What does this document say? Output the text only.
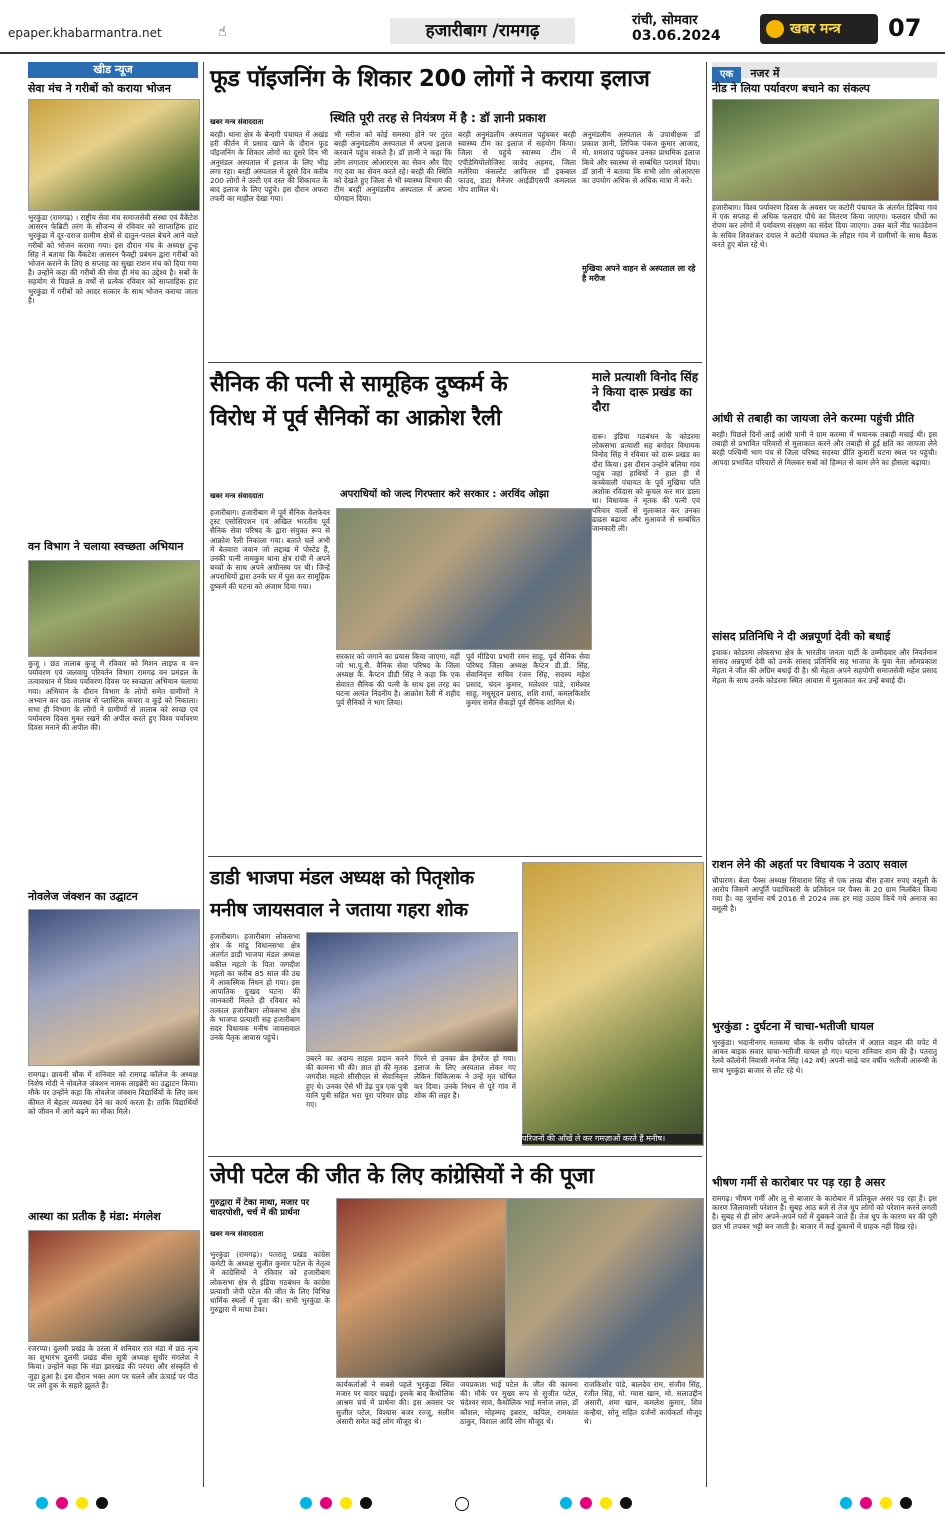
epaper.khabarmantra.net	☝	हजारीबाग /रामगढ़
रांची, सोमवार
03.06.2024	खबर मन्त्र	07
खीड न्यूज
सेवा मंच ने गरीबों को कराया भोजन
भुरकुंडा (रामगढ़) । राष्ट्रीय सेवा मंच समाजसेवी संस्था एवं वैकेंटेश आसरन फेब्रिटी तरंग के सौजन्य से रविवार को साप्ताहिक हाट भुरकुंडा में दूर-दराज ग्रामीण क्षेत्रों से दातुन-पत्तल बेचने आने वाले गरीबों को भोजन कराया गया। इस दौरान मंच के अध्यक्ष टुन्ह सिंह ने बताया कि वैंकटेश आसरन फैक्ट्री प्रबंधन द्वारा गरीबों को भोजन कराने के लिए 8 सप्ताह का सुखा राशन मंच को दिया गया है। उन्होंने कहा की गरीबों की सेवा ही मंच का उद्देश्य है। सबों के सहयोग से पिछले 8 वर्षों से प्रत्येक रविवार को साप्ताहिक हाट भुरकुंडा में गरीबों को आदर सत्कार के साथ भोजन कराया जाता है।
वन विभाग ने चलाया स्वच्छता अभियान
कुजू । छठ तालाब कुजू में रविवार को मिशन लाइफ व वन पर्यावरण एवं जलवायु परिवर्तन विभाग रामगढ़ वन प्रमंडल के तत्वावधान में विश्व पर्यावरण दिवस पर स्वच्छता अभियान चलाया गया। अभियान के दौरान विभाग के लोगों समेत ग्रामीणों ने अभ्यान कर छठ तालाब से प्लास्टिक कचरा व कूड़े को निकाला। सभा ही विभाग के लोगों ने ग्रामीणों से तालाब को स्वच्छ एवं पर्यावरण दिवस मुक्त रखने की अपील करते हुए विश्व पर्यावरण दिवस मनाने की अपील की।
नोवलेज जंक्शन का उद्घाटन
रामगढ़। छावनी चौक में शनिवार को रामगढ़ कॉलेज के अध्यक्ष निशेष मोदी ने नोवलेज जंक्शन नामक लाइब्रेरी का उद्घाटन किया। मौके पर उन्होंने कहा कि नोवलेज जंक्शन विद्यार्थियों के लिए कम कीमत में बेहतर व्यवस्था देने का कार्य करता है। ताकि विद्यार्थियों को जीवन में आगे बढ़ने का मौका मिले।
आस्था का प्रतीक है मंडा: मंगलेश
रजरप्पा। दुलमी प्रखंड के उरला में शनिवार रात मंडा में छठ नृत्य का शुभारंभ दुलमी प्रखंड बीस सूत्री अध्यक्ष सुधीर मंगलेश ने किया। उन्होंने कहा कि मंडा झारखंड की परंपरा और संस्कृति से जुड़ा हुआ है। इस दौरान भक्त आग पर चलने और ऊंचाई पर पीठ पर लगे हुक के सहारे झूलते हैं।
फूड पॉइजनिंग के शिकार 200 लोगों ने कराया इलाज
खबर मन्त्र संवाददाता	स्थिति पूरी तरह से नियंत्रण में है : डॉ ज्ञानी प्रकाश
बरही। थाना क्षेत्र के बेन्दगी पंचायत में अखंड हरी कीर्तन में प्रसाद खाने के दौरान फूड पॉइजनिंग के शिकार लोगों का दूसरे दिन भी अनुमंडल अस्पताल में इलाज के लिए भीड़ लगा रहा। बरही अस्पताल में दूसरे दिन करीब 200 लोगों ने उल्टी एवं दस्त की शिकायत के बाद इलाज के लिए पहुंचे। इस दौरान अफरा तफरी का माहौल देखा गया।
भी मरीज को कोई समस्या होने पर तुरंत बरही अनुमंडलीय अस्पताल में अपना इलाज करवाने पहुंच सकते है। डॉ ज्ञानी ने कहा कि लोग लगातार ओआरएस का सेवन और दिए गए दवा का सेवन करते रहे। बरही की स्थिति को देखते हुए जिला से भी स्वास्थ्य विभाग की टीम बरही अनुमंडलीय अस्पताल में अपना योगदान दिया।
बरही अनुमंडलीय अस्पताल पहुंचकर बरही स्वास्थ्य टीम का इलाज में सहयोग किया। जिला से पहुंचे स्वास्थ्य टीम में एपीडेमियोलोजिस्ट जावेद अहमद, जिला मलेरिया कंसल्टेंट आफिसर डॉ इकबाल फाउद, डाटा मैनेजर आईडीएसपी कमलाल गोप शामिल थे।
अनुमंडलीय अस्पताल के उपाधीक्षक डॉ प्रकाश ज्ञानी, लिपिक पंकज कुमार आजाद, मो. शमशाद पहुंचकर उनका प्राथमिक इलाज किये और स्वास्थ्य से सम्बंधित परामर्श दिया। डॉ ज्ञानी ने बताया कि सभी लोग ओआरएस का उपयोग अधिक से अधिक मात्रा में करें।
मुखिया अपने वाहन से अस्पताल ला रहे है मरीज
सैनिक की पत्नी से सामूहिक दुष्कर्म के
विरोध में पूर्व सैनिकों का आक्रोश रैली
खबर मन्त्र संवाददाता	अपराधियों को जल्द गिरफ्तार करे सरकार : अरविंद ओझा
हजारीबाग। हजारीबाग में पूर्व सैनिक वेलफेयर ट्रस्ट एसोसिएशन एवं अखिल भारतीय पूर्व सैनिक सेवा परिषद के द्वारा संयुक्त रूप से आक्रोश रैली निकाला गया। बताते चलें अभी में बेतवारा जवान जो लद्दाख में पोस्टेड हैं, उनकी पत्नी नामकुम थाना क्षेत्र रांची में अपने बच्चों के साथ अपने अधीनस्थ पर थी। जिन्हें अपराधियों द्वारा उनके घर में घुस कर सामूहिक दुष्कर्म की घटना को अंजाम दिया गया।
सरकार को जगाने का प्रयास किया जाएगा, वहीं जो भा.पू.सै. वैनिक सेवा परिषद के जिला अध्यक्ष कै. कैप्टन डीडी सिंह ने कहा कि एक सेवारत सैनिक की पत्नी के साथ इस तरह का घटना अत्यंत निंदनीय है। आक्रोश रैली में शहीद पूर्व सैनिकों ने भाग लिया।
पूर्व मीडिया प्रभारी रमन साहू, पूर्व सैनिक सेवा परिषद जिला अध्यक्ष कैप्टन डी.डी. सिंह, सेवानिवृत्त सचिव रंजन सिंह, सदस्य महेश प्रसाद, चंदन कुमार, मलेश्वर पांडे, रामेश्वर साहू, मधुसूदन प्रसाद, शशि शर्मा, कमलकिशोर कुमार समेत सैकड़ों पूर्व सैनिक शामिल थे।
माले प्रत्याशी विनोद सिंह ने किया दारू प्रखंड का दौरा
दारू। इंडिया गठबंधन के कोडरमा लोकसभा प्रत्याशी सह बगोदर विधायक विनोद सिंह ने रविवार को दारू प्रखंड का दौरा किया। इस दौरान उन्होंने बलिया गांव पहुंच जहां हाथियों ने हाल ही में कच्चेवाली पंचायत के पूर्व मुखिया पति अशोक रविदास को कुचल कर मार डाला था। विधायक ने मृतक की पत्नी एवं परिवार वालों से मुलाकात कर उनका ढाढस बढ़ाया और मुआवजे से सम्बंधित जानकारी ली।
एक नजर में
नीड ने लिया पर्यावरण बचाने का संकल्प
हजारीबाग। विश्व पर्यावरण दिवस के अवसर पर कटोरी पंचायत के अंतर्गत डिबिया गावं में एक सप्ताह से अधिक फलदार पौधे का वितरण किया जाएगा। फलदार पौधों का रोपण कर लोगों में पर्यावरण संरक्षण का संदेश दिया जाएगा। उक्त बातें नीड फाउंडेशन के सचिव शिवशंकर दयाल ने कटोरी पंचायत के लौहार गांव में ग्रामीणों के साथ बैठक करते हुए बोल रहे थे।
आंधी से तबाही का जायजा लेने करम्मा पहुंची प्रीति
बरही। पिछले दिनों आई आंधी पानी ने ग्राम करम्मा में भयानक तबाही मचाई थी। इस तबाही से प्रभावित परिवारों से मुलाकात करने और तबाही से हुई क्षति का जायजा लेने बरही पश्चिमी भाग पंच से जिला परिषद सदस्या प्रीति कुमारी घटना स्थल पर पहुंची। आपदा प्रभावित परिवारों से मिलकर सबों को हिम्मत से काम लेने का हौसला बढ़ाया।
सांसद प्रतिनिधि ने दी अन्नपूर्णा देवी को बधाई
इचाक। कोडरमा लोकसभा क्षेत्र के भारतीय जनता पार्टी के उम्मीदवार और निवर्तमान सांसद अन्नपूर्णा देवी को उनके सांसद प्रतिनिधि सह भाजपा के युवा नेता ओमप्रकाश मेहता ने जीत की अग्रिम बधाई दी है। श्री मेहता अपने सहयोगी समाजसेवी महेश प्रसाद मेहता के साथ उनके कोडरमा स्थित आवास में मुलाकात कर उन्हें बधाई दी।
राशन लेने की अहर्ता पर विधायक ने उठाए सवाल
चौपारण। बेला पैक्स अध्यक्ष सियाराम सिंह से एक लाख बीस हजार रुपए वसूली के आरोप जिसमें आपूर्ति पदाधिकारी के प्रतिवेदन पर पैक्स के 20 ग्राम निलंबित किया गया है। वह जुर्माना वर्ष 2016 से 2024 तक हर माह उठाव किये गये अनाज का वसूली है।
भुरकुंडा : दुर्घटना में चाचा-भतीजी घायल
भुरकुंडा। भदानीनगर मतकमा चौक के समीप फोरलेन में अज्ञात वाहन की चपेट में आकर बाइक सवार चाचा-भतीजी घायल हो गए। घटना शनिवार शाम की है। पतरातू रेलवे कॉलोनी निवासी मनोज सिंह (42 वर्ष) अपनी साढ़े चार वर्षीय भतीजी आरूषी के साथ भुरकुंडा बाजार से लौट रहे थे।
भीषण गर्मी से कारोबार पर पड़ रहा है असर
रामगढ़। भीषण गर्मी और लू से बाजार के कारोबार में प्रतिकूल असर पड़ रहा है। इस कारण जिलावासी परेशान हैं। सुबह आठ बजे से तेज धूप लोगों को परेशान करने लगती है। सुबह से ही लोग अपने-अपने घरों में दुबकने जाते हैं। तेज धूप के कारण घर की पूरी छत भी तपकर भट्टी बन जाती है। बाजार में कई दुकानों में ग्राहक नहीं दिख रहे।
डाडी भाजपा मंडल अध्यक्ष को पितृशोक
मनीष जायसवाल ने जताया गहरा शोक
हजारीबाग। हजारीबाग लोकसभा क्षेत्र के मांडू विधानसभा क्षेत्र अंतर्गत डाडी भाजपा मंडल अध्यक्ष वकील महतो के पिता जगदीश महतो का करीब 85 साल की उम्र में आकस्मिक निधन हो गया। इस आपातिक दुःखद घटना की जानकारी मिलते ही रविवार को तत्काल हजारीबाग लोकसभा क्षेत्र के भाजपा प्रत्याशी सह हजारीबाग सदर विधायक मनीष जायसवाल उनके पैतृक आवास पहुंचे।
उबरने का अदम्य साहस प्रदान करने की कामना भी की। ज्ञात हो की मृतक जगदीश महतो सीसीएल से सेवानिवृत्त हुए थे। उनका ऐसे भी डेढ़ पुत्र एक पुत्री यानि पुत्री सहित भरा पूरा परिवार छोड़ गए।
गिरने से उनका ब्रेन हेमरेज हो गया। इलाज के लिए अस्पताल लेकर गए लेकिन चिकित्सक ने उन्हें मृत घोषित कर दिया। उनके निधन से पूरे गांव में शोक की लहर है।
परिजनों की आँखें ले कर गमज़ाओं करते हैं मनीष।
जेपी पटेल की जीत के लिए कांग्रेसियों ने की पूजा
गुरुद्वारा में टेका माथा, मजार पर चादरपोशी, चर्च में की प्रार्थना
खबर मन्त्र संवाददाता
भुरकुंडा (रामगढ़)। पतरातू प्रखंड कांग्रेस कमेटी के अध्यक्ष सुजीत कुमार पटेल के नेतृत्व में कांग्रेसियों ने रविवार को हजारीबाग लोकसभा क्षेत्र से इंडिया गठबंधन के कांग्रेस प्रत्याशी जेपी पटेल की जीत के लिए विभिन्न धार्मिक स्थलों में पूजा की। सभी भुरकुंडा के गुरुद्वारा में माथा टेका।
कार्यकर्ताओं ने सबसे पहले भुरकुंडा स्थित मजार पर चादर चढ़ाई। इसके बाद कैथोलिक आश्रम चर्च में प्रार्थना की। इस अवसर पर सुजीत पटेल, विश्वास बजर रज्जू, सलीम अंसारी समेत कई लोग मौजूद थे।
जयप्रकाश भाई पटेल के जीत की कामना की। मौके पर मुख्य रूप से सुजीत पटेल, चंदेश्वर साव, कैथोलिक भाई मनोज लाल, डॉ कौशल, मोहम्मद इबरार, कपिल, रामकांत ठाकुर, विशाल आदि लोग मौजूद थे।
राजकिशोर पांडे, बालदेव राम, संजीव सिंह, रंजीत सिंह, मो. ग्यास खान, मो. सलाउद्दीन अंसारी, शमा खान, कमलेश कुमार, शिव कन्हैया, सोनू सहित दर्जनों कार्यकर्ता मौजूद थे।
